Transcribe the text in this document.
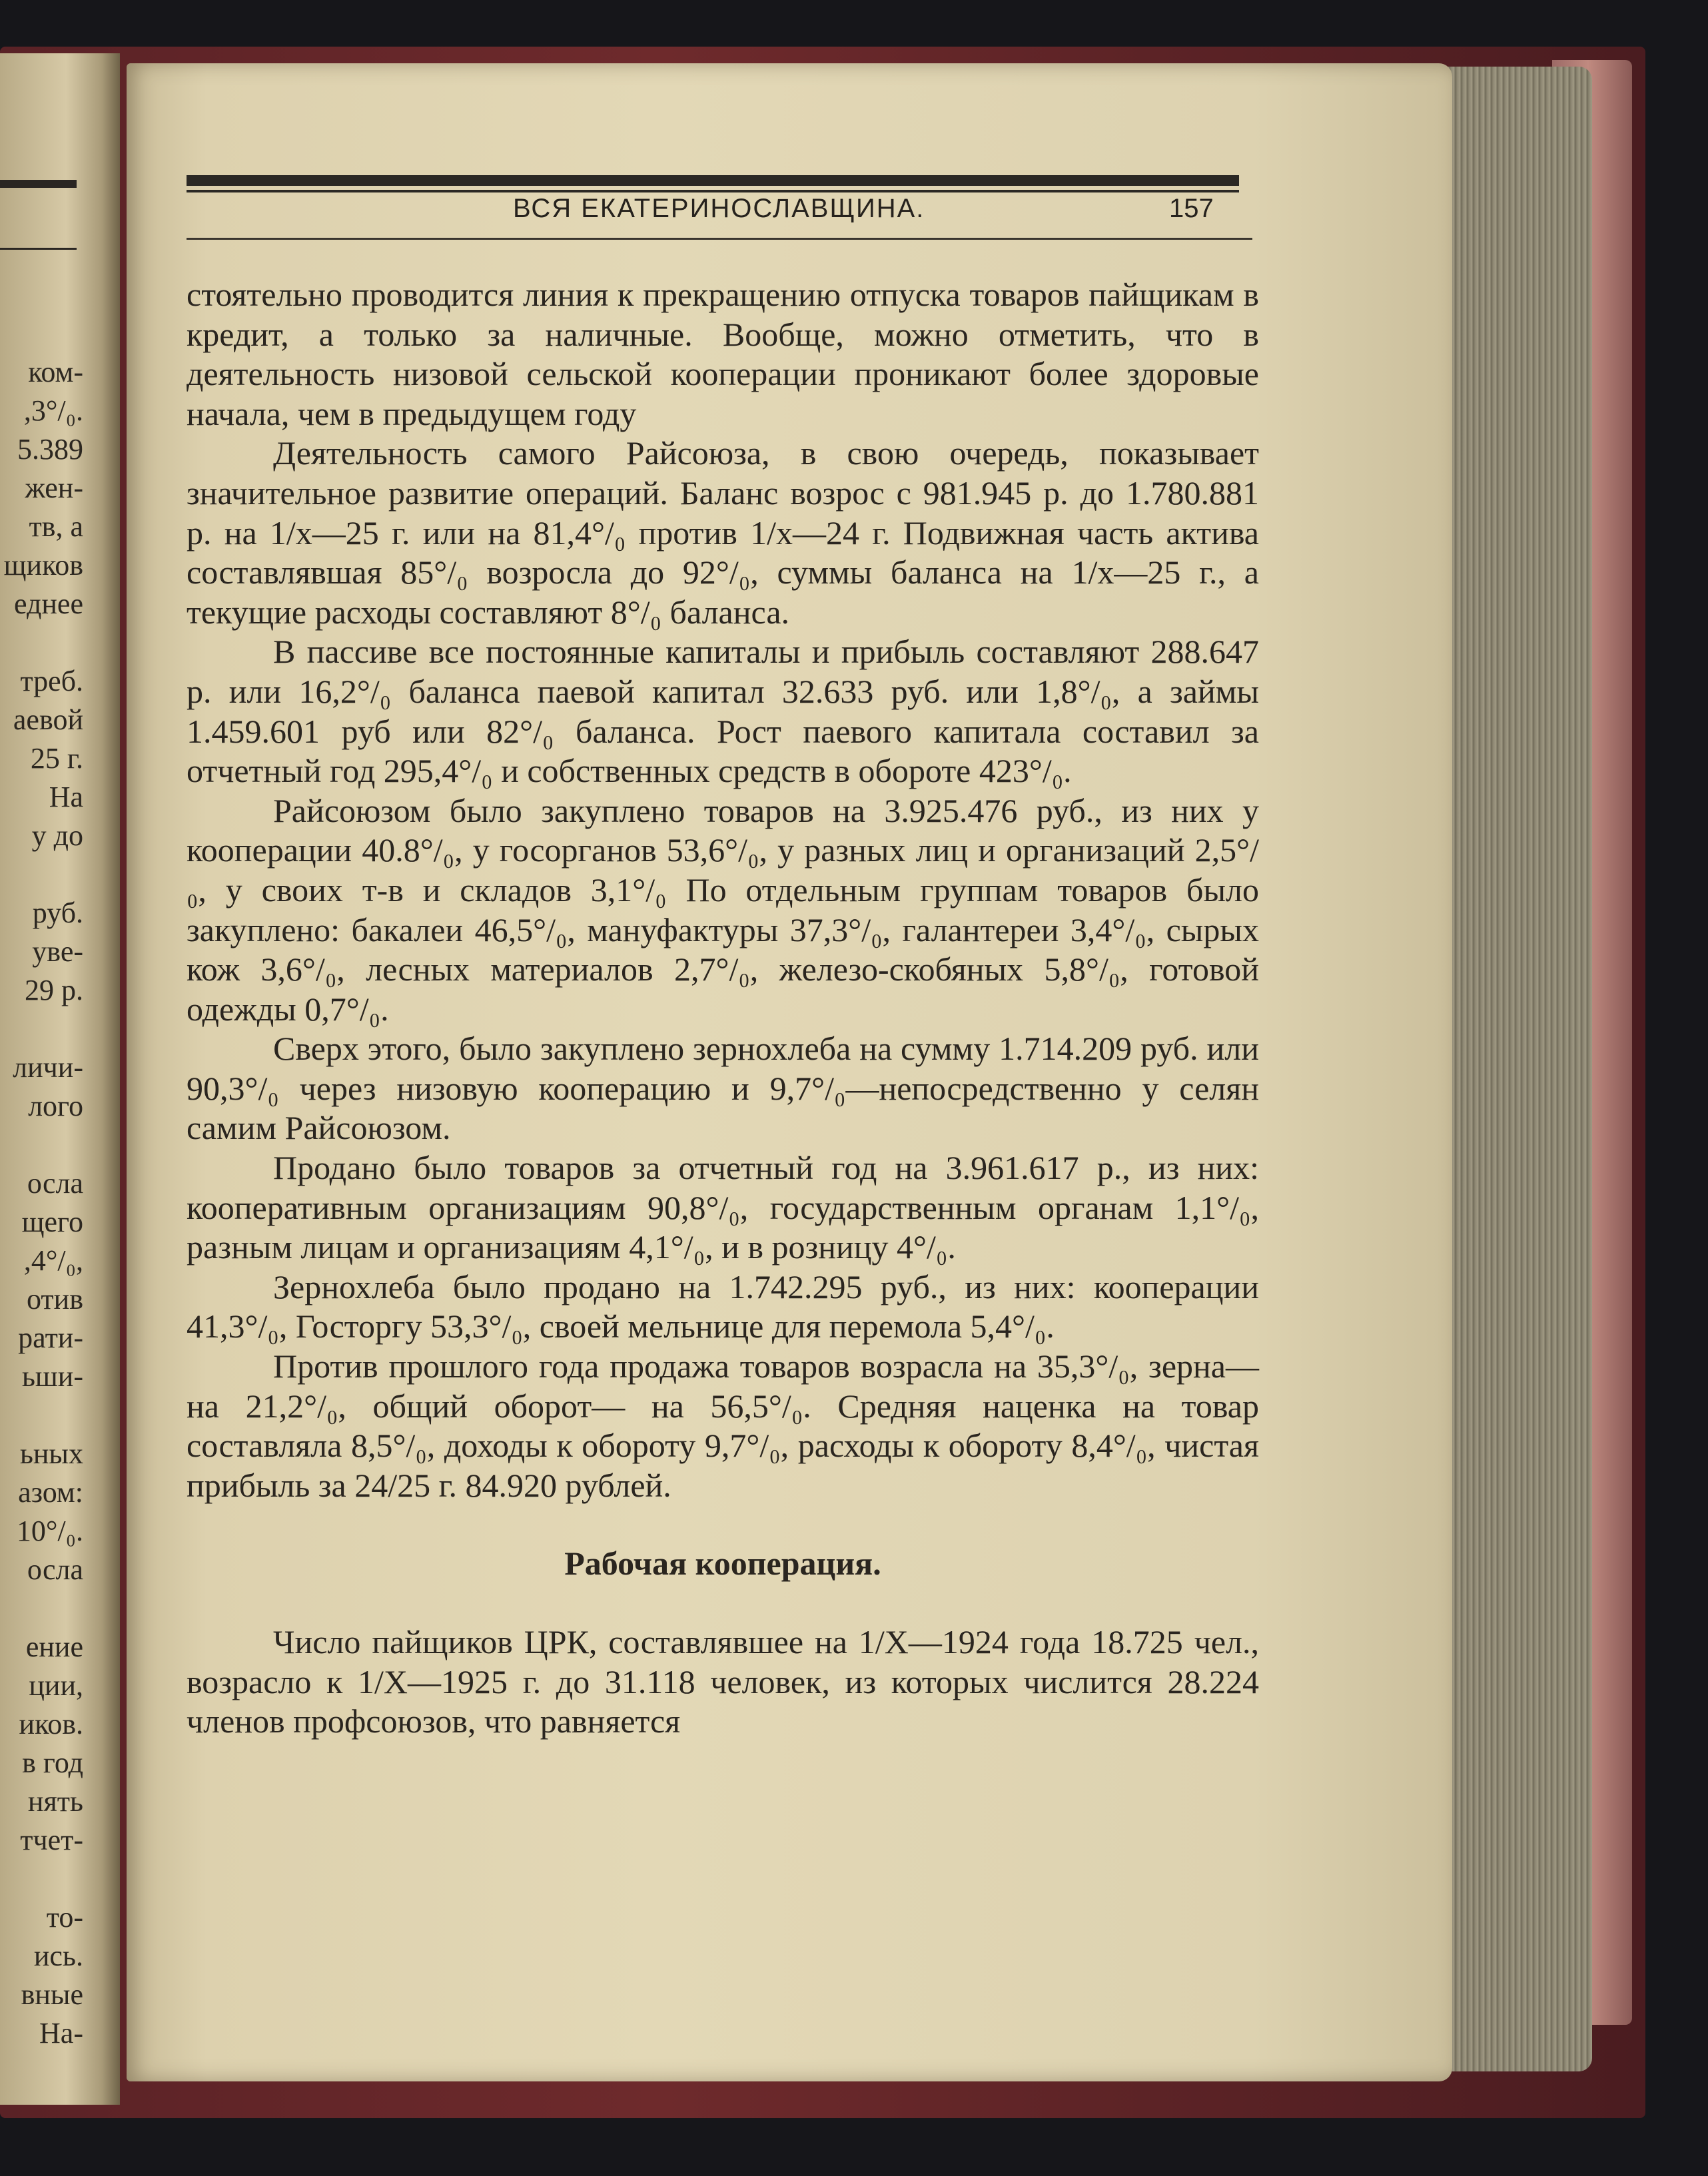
ком-
,3°/₀.
5.389
жен-
тв, а
щиков
еднее
треб.
аевой
25 г.
На
у до
руб.
уве-
29 р.
личи-
лого
осла
щего
,4°/₀,
отив
рати-
ьши-
ьных
азом:
10°/₀.
осла
ение
ции,
иков.
в год
нять
тчет-
то-
ись.
вные
На-
ВСЯ ЕКАТЕРИНОСЛАВЩИНА.	157

стоятельно проводится линия к прекращению отпуска товаров пайщикам в кредит, а только за наличные. Вообще, можно отметить, что в деятельность низовой сельской кооперации проникают более здоровые начала, чем в предыдущем году

Деятельность самого Райсоюза, в свою очередь, показывает значительное развитие операций. Баланс возрос с 981.945 р. до 1.780.881 р. на 1/х—25 г. или на 81,4°/₀ против 1/х—24 г. Подвижная часть актива составлявшая 85°/₀ возросла до 92°/₀, суммы баланса на 1/х—25 г., а текущие расходы составляют 8°/₀ баланса.

В пассиве все постоянные капиталы и прибыль составляют 288.647 р. или 16,2°/₀ баланса паевой капитал 32.633 руб. или 1,8°/₀, а займы 1.459.601 руб или 82°/₀ баланса. Рост паевого капитала составил за отчетный год 295,4°/₀ и собственных средств в обороте 423°/₀.

Райсоюзом было закуплено товаров на 3.925.476 руб., из них у кооперации 40.8°/₀, у госорганов 53,6°/₀, у разных лиц и организаций 2,5°/₀, у своих т-в и складов 3,1°/₀ По отдельным группам товаров было закуплено: бакалеи 46,5°/₀, мануфактуры 37,3°/₀, галантереи 3,4°/₀, сырых кож 3,6°/₀, лесных материалов 2,7°/₀, железо-скобяных 5,8°/₀, готовой одежды 0,7°/₀.

Сверх этого, было закуплено зернохлеба на сумму 1.714.209 руб. или 90,3°/₀ через низовую кооперацию и 9,7°/₀—непосредственно у селян самим Райсоюзом.

Продано было товаров за отчетный год на 3.961.617 р., из них: кооперативным организациям 90,8°/₀, государственным органам 1,1°/₀, разным лицам и организациям 4,1°/₀, и в розницу 4°/₀.

Зернохлеба было продано на 1.742.295 руб., из них: кооперации 41,3°/₀, Госторгу 53,3°/₀, своей мельнице для перемола 5,4°/₀.

Против прошлого года продажа товаров возрасла на 35,3°/₀, зерна—на 21,2°/₀, общий оборот— на 56,5°/₀. Средняя наценка на товар составляла 8,5°/₀, доходы к обороту 9,7°/₀, расходы к обороту 8,4°/₀, чистая прибыль за 24/25 г. 84.920 рублей.

Рабочая кооперация.

Число пайщиков ЦРК, составлявшее на 1/Х—1924 года 18.725 чел., возрасло к 1/Х—1925 г. до 31.118 человек, из которых числится 28.224 членов профсоюзов, что равняется
